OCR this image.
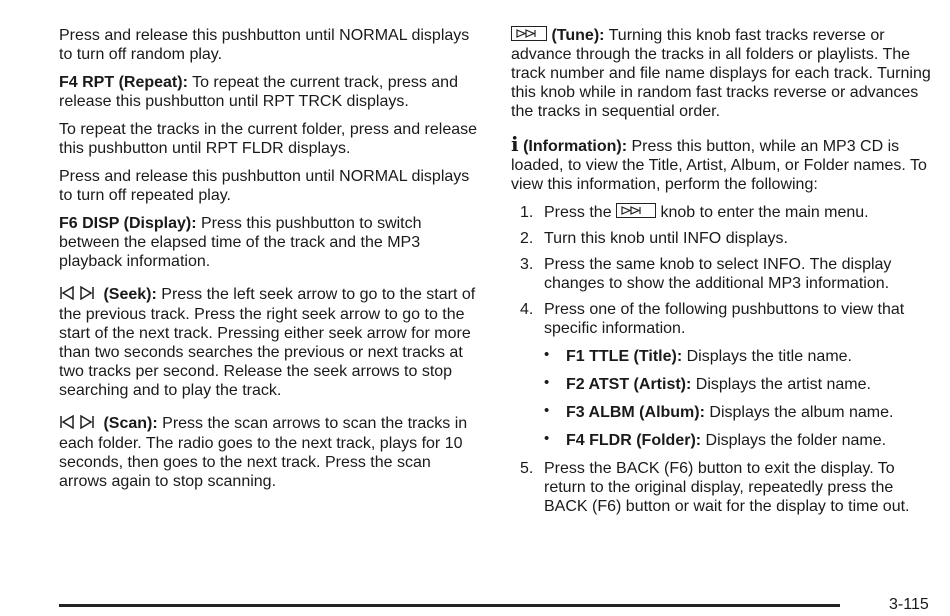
Press and release this pushbutton until NORMAL displays to turn off random play.

F4 RPT (Repeat): To repeat the current track, press and release this pushbutton until RPT TRCK displays.

To repeat the tracks in the current folder, press and release this pushbutton until RPT FLDR displays.

Press and release this pushbutton until NORMAL displays to turn off repeated play.

F6 DISP (Display): Press this pushbutton to switch between the elapsed time of the track and the MP3 playback information.

(Seek): Press the left seek arrow to go to the start of the previous track. Press the right seek arrow to go to the start of the next track. Pressing either seek arrow for more than two seconds searches the previous or next tracks at two tracks per second. Release the seek arrows to stop searching and to play the track.

(Scan): Press the scan arrows to scan the tracks in each folder. The radio goes to the next track, plays for 10 seconds, then goes to the next track. Press the scan arrows again to stop scanning.

(Tune): Turning this knob fast tracks reverse or advance through the tracks in all folders or playlists. The track number and file name displays for each track. Turning this knob while in random fast tracks reverse or advances the tracks in sequential order.

i (Information): Press this button, while an MP3 CD is loaded, to view the Title, Artist, Album, or Folder names. To view this information, perform the following:

1. Press the	knob to enter the main menu.
2. Turn this knob until INFO displays.
3. Press the same knob to select INFO. The display changes to show the additional MP3 information.
4. Press one of the following pushbuttons to view that specific information.
• F1 TTLE (Title): Displays the title name.
• F2 ATST (Artist): Displays the artist name.
• F3 ALBM (Album): Displays the album name.
• F4 FLDR (Folder): Displays the folder name.
5. Press the BACK (F6) button to exit the display. To return to the original display, repeatedly press the BACK (F6) button or wait for the display to time out.
3-115
